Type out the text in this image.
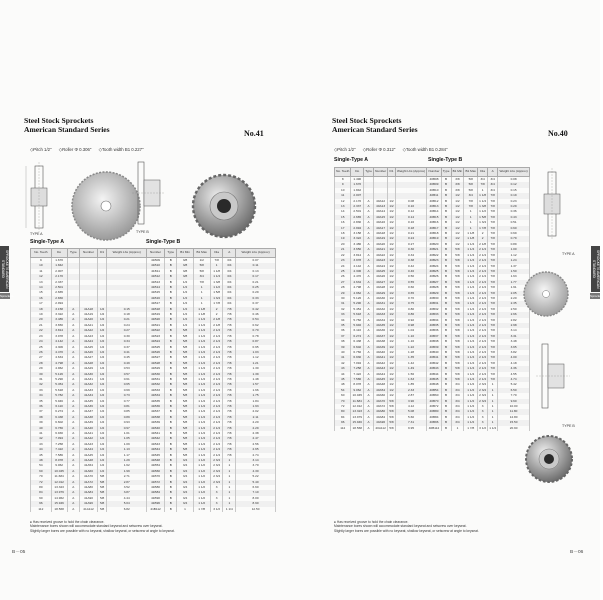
Steel Stock Sprockets
American Standard Series	No.41
◇Pitch 1/2" ◇Roller Φ 0.306" ◇Tooth width B1 0.227"
TYPE A	TYPE B
Single-Type A	Single-Type B
SPROCKETS AMERICAN STANDARD
Sprockets
No. Teeth	Do	Type	Number	D1	Weight Lbs (Approx)	Number	Type	B1 Min	B1 Max	Dia	A	Weight Lbs (Approx)
9	1.670					41B09	B	3/8	1/2	7/8	3/4	0.07
10	1.842					41B10	B	3/8	5/8	1	3/4	0.11
11	2.007					41B11	B	3/8	5/8	1 1/8	3/4	0.13
12	2.170					41B12	B	3/8	3/4	1 1/4	3/4	0.17
13	2.337					41B13	B	1/2	7/8	1 3/8	3/4	0.21
14	2.501					41B14	B	1/2	1	1 1/2	3/4	0.25
15	2.665					41B15	B	1/2	1	1 5/8	3/4	0.29
16	2.830					41B16	B	1/2	1	1 3/4	3/4	0.33
17	2.994					41B17	B	1/2	1	1 7/8	3/4	0.37
18	3.158	A	41A18	1/2	0.15	41B18	B	1/2	1 1/8	2	7/8	0.42
19	3.322	A	41A19	1/2	0.18	41B19	B	1/2	1 1/8	2	7/8	0.46
20	3.486	A	41A20	1/2	0.21	41B20	B	1/2	1 1/4	2 1/8	7/8	0.54
21	3.650	A	41A21	1/2	0.24	41B21	B	1/2	1 1/4	2 1/8	7/8	0.62
22	3.814	A	41A22	1/2	0.27	41B22	B	5/8	1 1/4	2 1/4	7/8	0.70
23	3.978	A	41A23	1/2	0.30	41B23	B	5/8	1 1/4	2 1/4	7/8	0.78
24	4.142	A	41A24	1/2	0.34	41B24	B	5/8	1 1/4	2 1/4	7/8	0.87
25	4.306	A	41A25	1/2	0.37	41B25	B	5/8	1 1/4	2 1/4	7/8	0.95
26	4.470	A	41A26	1/2	0.41	41B26	B	5/8	1 1/4	2 1/4	7/8	1.03
27	4.634	A	41A27	1/2	0.45	41B27	B	5/8	1 1/4	2 1/4	7/8	1.12
28	4.798	A	41A28	1/2	0.49	41B28	B	5/8	1 1/4	2 1/4	7/8	1.21
29	4.962	A	41A29	1/2	0.53	41B29	B	5/8	1 1/4	2 1/4	7/8	1.30
30	5.126	A	41A30	1/2	0.57	41B30	B	5/8	1 1/4	2 1/4	7/8	1.39
31	5.290	A	41A31	1/2	0.61	41B31	B	5/8	1 1/4	2 1/4	7/8	1.48
32	5.454	A	41A32	1/2	0.65	41B32	B	5/8	1 1/4	2 1/4	7/8	1.57
33	5.618	A	41A33	1/2	0.69	41B33	B	5/8	1 1/4	2 1/4	7/8	1.66
34	5.782	A	41A34	1/2	0.73	41B34	B	5/8	1 1/4	2 1/4	7/8	1.75
35	5.946	A	41A35	1/2	0.77	41B35	B	5/8	1 1/4	2 1/4	7/8	1.84
36	6.110	A	41A36	1/2	0.81	41B36	B	5/8	1 1/4	2 1/4	7/8	1.93
37	6.274	A	41A37	1/2	0.85	41B37	B	5/8	1 1/4	2 1/4	7/8	2.02
38	6.438	A	41A38	1/2	0.89	41B38	B	5/8	1 1/4	2 1/4	7/8	2.11
39	6.602	A	41A39	1/2	0.93	41B39	B	5/8	1 1/4	2 1/4	7/8	2.20
40	6.766	A	41A40	1/2	0.97	41B40	B	5/8	1 1/4	2 1/4	7/8	2.29
41	6.930	A	41A41	1/2	1.01	41B41	B	5/8	1 1/4	2 1/4	7/8	2.38
42	7.094	A	41A42	1/2	1.05	41B42	B	5/8	1 1/4	2 1/4	7/8	2.47
43	7.258	A	41A43	1/2	1.09	41B43	B	5/8	1 1/4	2 1/4	7/8	2.56
44	7.422	A	41A44	1/2	1.13	41B44	B	5/8	1 1/4	2 1/4	7/8	2.65
45	7.586	A	41A45	1/2	1.17	41B45	B	5/8	1 1/4	2 1/4	7/8	2.74
48	8.078	A	41A48	1/2	1.29	41B48	B	3/4	1 1/2	2 3/4	1	3.14
54	9.062	A	41A54	1/2	1.62	41B54	B	3/4	1 1/2	2 3/4	1	3.70
60	10.045	A	41A60	1/2	1.99	41B60	B	3/4	1 1/2	2 3/4	1	4.30
70	11.684	A	41A70	5/8	2.71	41B70	B	3/4	1 1/2	2 3/4	1	5.22
72	12.012	A	41A72	5/8	2.87	41B72	B	3/4	1 1/2	2 3/4	1	5.40
80	13.323	A	41A80	5/8	3.52	41B80	B	3/4	1 1/2	3	1	6.60
84	13.979	A	41A84	5/8	3.87	41B84	B	3/4	1 1/2	3	1	7.10
90	14.962	A	41A90	5/8	4.44	41B90	B	3/4	1 1/2	3	1	8.00
96	15.946	A	41A96	5/8	5.04	41B96	B	3/4	1 1/2	3	1	8.90
112	18.568	A	41A112	5/8	6.82	41B112	B	1	1 7/8	3 1/2	1 1/4	12.50
● Has received groove to hold the chain clearance.
Maintenance bores shown will accommodate standard keyseat and setscrew over keyseat.
Slightly larger bores are possible with no keyseat, shallow keyseat, or setscrew at angle to keyseat.
B－05
Steel Stock Sprockets
American Standard Series	No.40
◇Pitch 1/2" ◇Roller Φ 0.312" ◇Tooth width B1 0.284"
Single-Type A	Single-Type B
No. Teeth	Do	Type	Number	D1	Weight Lbs (Approx)	Number	Type	B1 Min	B1 Max	Dia	A	Weight Lbs (Approx)
8	1.490					40B08	B	3/8	5/8	3/4	3/4	0.08
9	1.670					40B09	B	3/8	5/8	7/8	3/4	0.12
10	1.842					40B10	B	3/8	5/8	1	3/4	0.15
11	2.007					40B11	B	1/2	3/4	1 1/8	7/8	0.19
12	2.170	A	40A12	1/2	0.08	40B12	B	1/2	7/8	1 1/4	7/8	0.23
13	2.337	A	40A13	1/2	0.10	40B13	B	1/2	7/8	1 3/8	7/8	0.29
14	2.501	A	40A14	1/2	0.12	40B14	B	1/2	1	1 1/2	7/8	0.36
15	2.665	A	40A15	1/2	0.14	40B15	B	1/2	1	1 5/8	7/8	0.43
16	2.830	A	40A16	1/2	0.16	40B16	B	1/2	1	1 3/4	7/8	0.51
17	2.994	A	40A17	1/2	0.18	40B17	B	1/2	1	1 7/8	7/8	0.60
18	3.158	A	40A18	1/2	0.21	40B18	B	1/2	1 1/8	2	7/8	0.69
19	3.322	A	40A19	1/2	0.24	40B19	B	1/2	1 1/8	2	7/8	0.79
20	3.486	A	40A20	1/2	0.27	40B20	B	1/2	1 1/4	2 1/8	7/8	0.89
21	3.650	A	40A21	1/2	0.30	40B21	B	5/8	1 1/4	2 1/4	7/8	1.00
22	3.814	A	40A22	1/2	0.34	40B22	B	5/8	1 1/4	2 1/4	7/8	1.12
23	3.978	A	40A23	1/2	0.38	40B23	B	5/8	1 1/4	2 1/4	7/8	1.24
24	4.142	A	40A24	1/2	0.42	40B24	B	5/8	1 1/4	2 1/4	7/8	1.37
25	4.306	A	40A25	1/2	0.46	40B25	B	5/8	1 1/4	2 1/4	7/8	1.50
26	4.470	A	40A26	1/2	0.50	40B26	B	5/8	1 1/4	2 1/4	7/8	1.63
27	4.634	A	40A27	1/2	0.55	40B27	B	5/8	1 1/4	2 1/4	7/8	1.77
28	4.798	A	40A28	1/2	0.60	40B28	B	5/8	1 1/4	2 1/4	7/8	1.91
29	4.962	A	40A29	1/2	0.65	40B29	B	5/8	1 1/4	2 1/4	7/8	2.05
30	5.126	A	40A30	1/2	0.70	40B30	B	5/8	1 1/4	2 1/4	7/8	2.20
31	5.290	A	40A31	1/2	0.75	40B31	B	5/8	1 1/4	2 1/4	7/8	2.35
32	5.454	A	40A32	1/2	0.80	40B32	B	5/8	1 1/4	2 1/4	7/8	2.50
33	5.618	A	40A33	1/2	0.86	40B33	B	5/8	1 1/4	2 1/4	7/8	2.66
34	5.782	A	40A34	1/2	0.92	40B34	B	5/8	1 1/4	2 1/4	7/8	2.82
35	5.946	A	40A35	1/2	0.98	40B35	B	5/8	1 1/4	2 1/4	7/8	2.98
36	6.110	A	40A36	1/2	1.04	40B36	B	5/8	1 1/4	2 1/4	7/8	3.14
37	6.274	A	40A37	1/2	1.10	40B37	B	5/8	1 1/4	2 1/4	7/8	3.31
38	6.438	A	40A38	1/2	1.16	40B38	B	5/8	1 1/4	2 1/4	7/8	3.48
39	6.602	A	40A39	1/2	1.22	40B39	B	5/8	1 1/4	2 1/4	7/8	3.65
40	6.766	A	40A40	1/2	1.28	40B40	B	5/8	1 1/4	2 1/4	7/8	3.82
41	6.930	A	40A41	1/2	1.35	40B41	B	5/8	1 1/4	2 1/4	7/8	4.00
42	7.094	A	40A42	1/2	1.42	40B42	B	5/8	1 1/4	2 1/4	7/8	4.18
43	7.258	A	40A43	1/2	1.49	40B43	B	5/8	1 1/4	2 1/4	7/8	4.36
44	7.422	A	40A44	1/2	1.56	40B44	B	5/8	1 1/4	2 1/4	7/8	4.55
45	7.586	A	40A45	1/2	1.63	40B45	B	5/8	1 1/4	2 1/4	7/8	4.74
48	8.078	A	40A48	1/2	1.85	40B48	B	3/4	1 1/2	2 3/4	1	5.42
54	9.062	A	40A54	1/2	2.33	40B54	B	3/4	1 1/2	2 3/4	1	6.50
60	10.045	A	40A60	1/2	2.87	40B60	B	3/4	1 1/2	2 3/4	1	7.70
70	11.684	A	40A70	5/8	3.90	40B70	B	3/4	1 1/2	2 3/4	1	9.60
72	12.012	A	40A72	5/8	4.12	40B72	B	3/4	1 1/2	3	1	10.00
80	13.323	A	40A80	5/8	5.08	40B80	B	3/4	1 1/2	3	1	11.80
84	13.979	A	40A84	5/8	5.60	40B84	B	3/4	1 1/2	3	1	12.80
96	15.946	A	40A96	5/8	7.31	40B96	B	3/4	1 1/2	3	1	15.50
112	18.568	A	40A112	5/8	9.95	40B112	B	1	1 7/8	3 1/2	1 1/4	20.90
TYPE A
TYPE B
SPROCKETS AMERICAN STANDARD
Sprockets
● Has received groove to hold the chain clearance.
Maintenance bores shown will accommodate standard keyseat and setscrew over keyseat.
Slightly larger bores are possible with no keyseat, shallow keyseat, or setscrew at angle to keyseat.
B－06
